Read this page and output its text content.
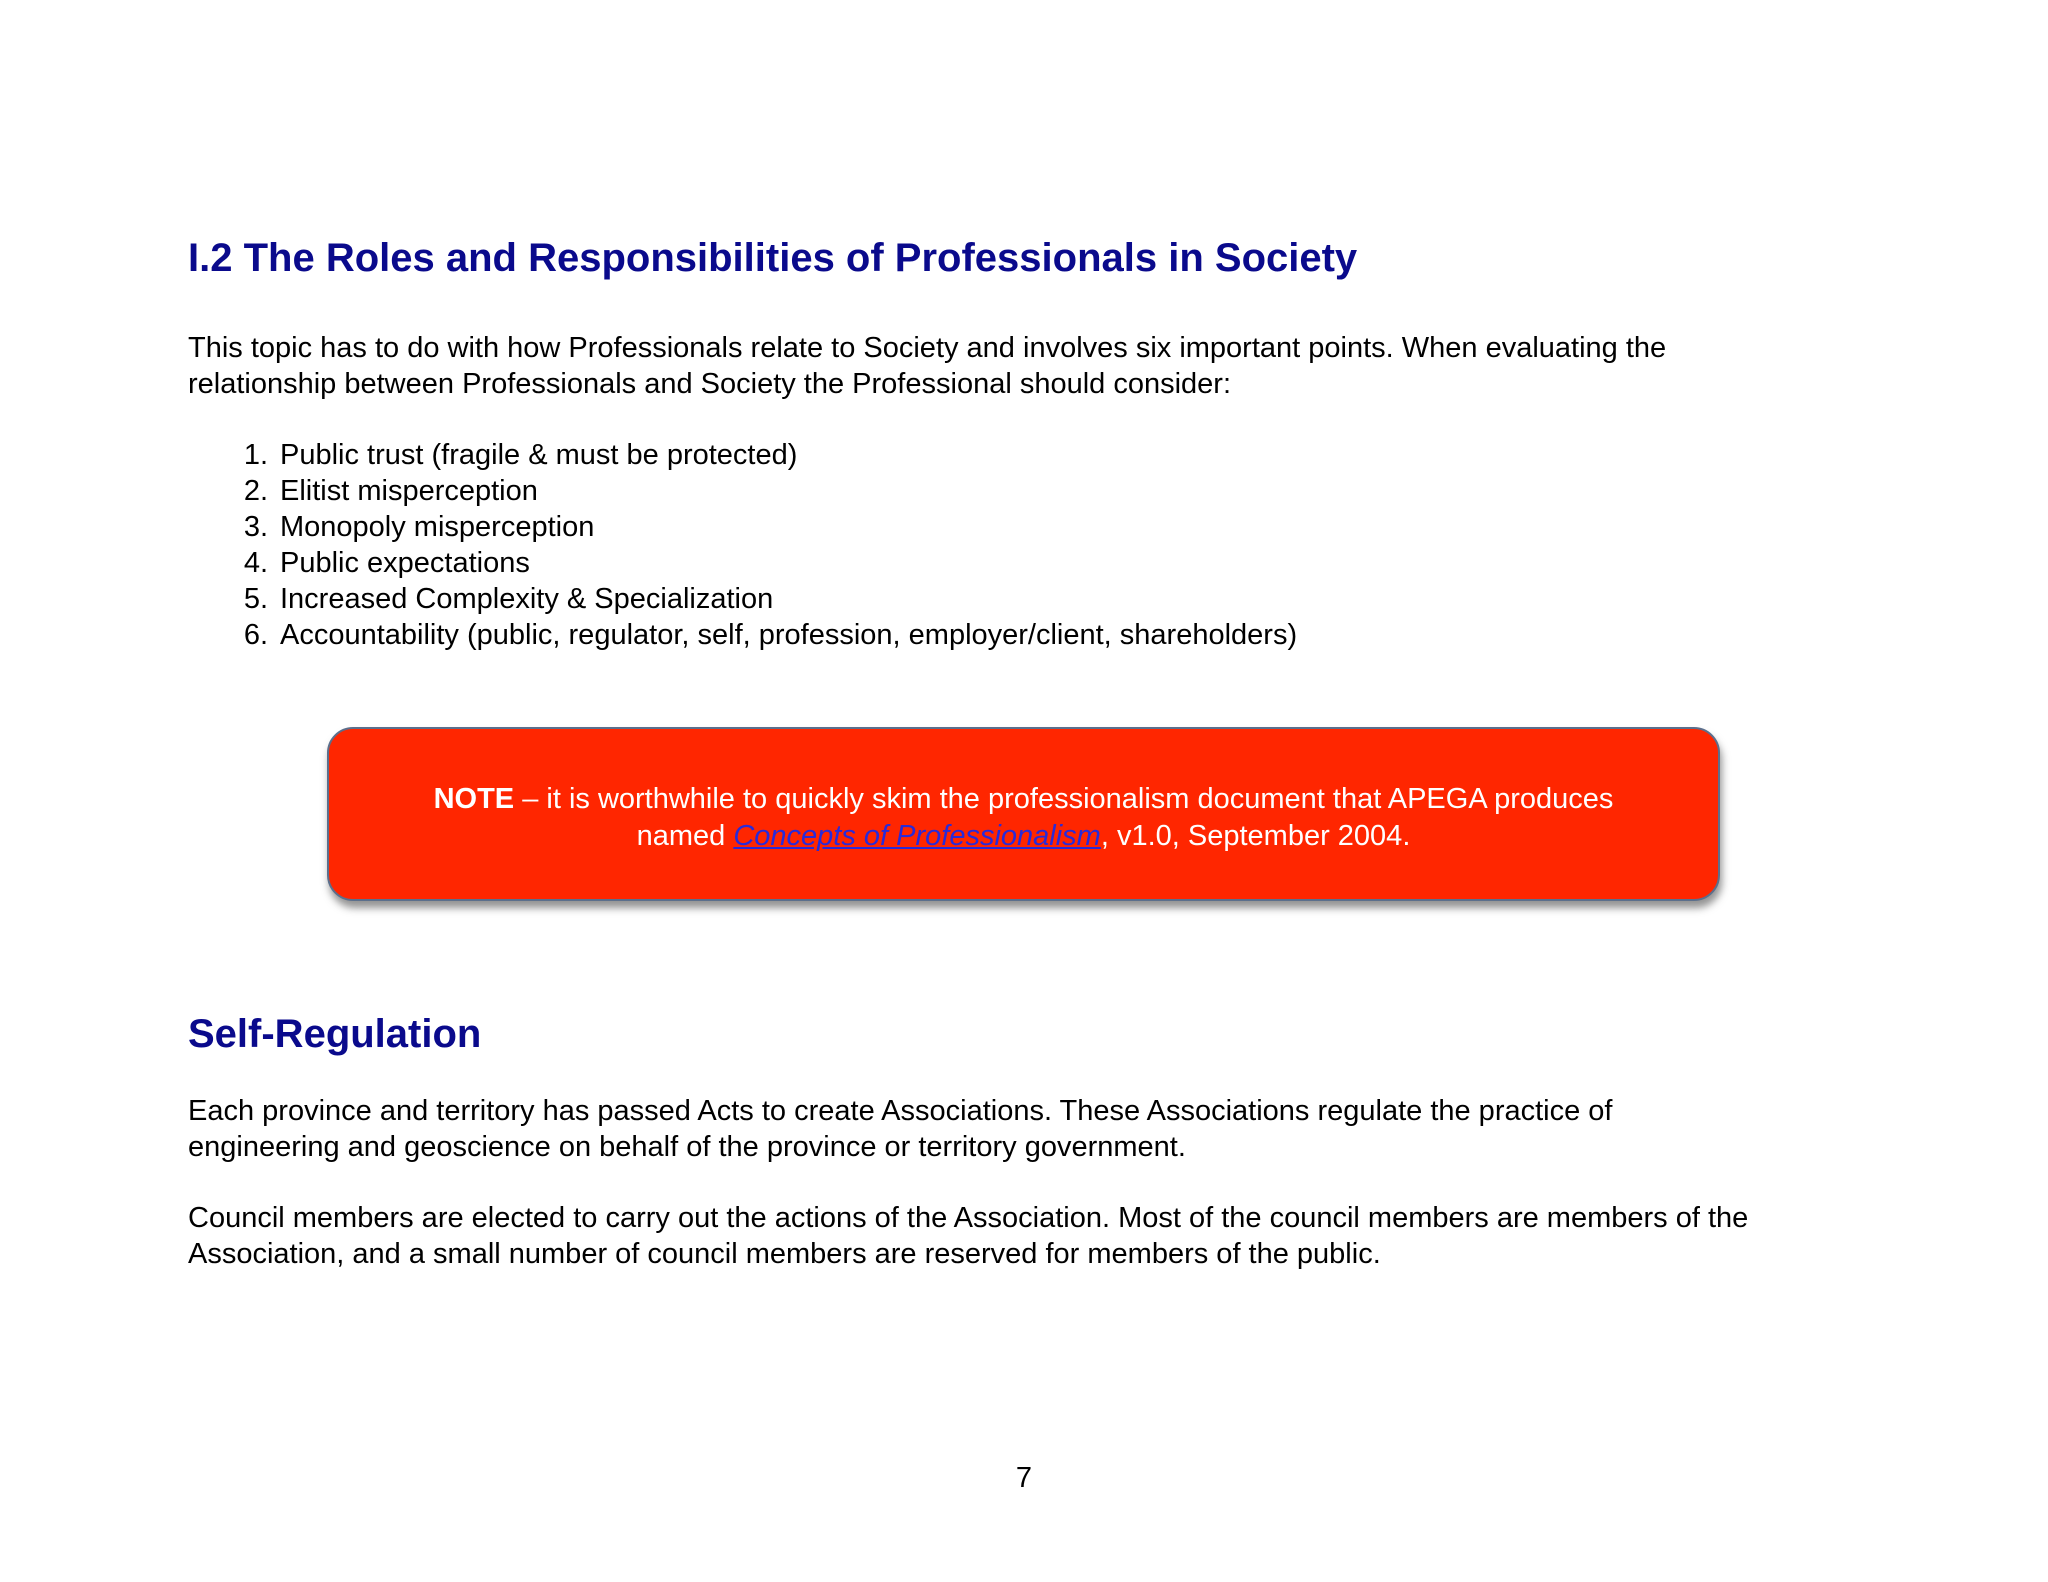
I.2 The Roles and Responsibilities of Professionals in Society

This topic has to do with how Professionals relate to Society and involves six important points. When evaluating the
relationship between Professionals and Society the Professional should consider:

1. Public trust (fragile & must be protected)
2. Elitist misperception
3. Monopoly misperception
4. Public expectations
5. Increased Complexity & Specialization
6. Accountability (public, regulator, self, profession, employer/client, shareholders)

NOTE – it is worthwhile to quickly skim the professionalism document that APEGA produces
named Concepts of Professionalism, v1.0, September 2004.

Self-Regulation

Each province and territory has passed Acts to create Associations. These Associations regulate the practice of
engineering and geoscience on behalf of the province or territory government.

Council members are elected to carry out the actions of the Association. Most of the council members are members of the
Association, and a small number of council members are reserved for members of the public.

7
